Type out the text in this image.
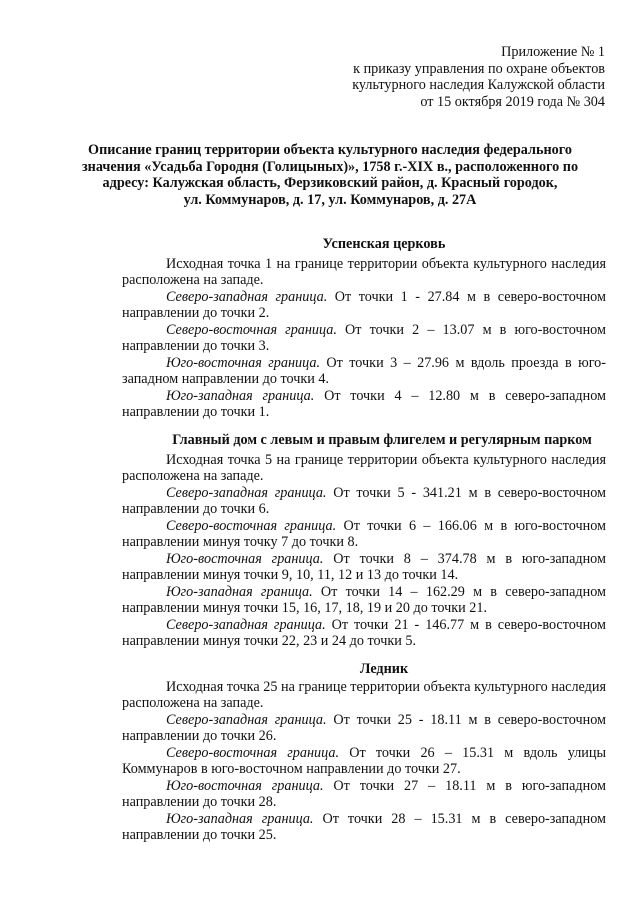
Приложение № 1
к приказу управления по охране объектов
культурного наследия Калужской области
от 15 октября 2019 года № 304
Описание границ территории объекта культурного наследия федерального
значения «Усадьба Городня (Голицыных)», 1758 г.-XIX в., расположенного по
адресу: Калужская область, Ферзиковский район, д. Красный городок,
ул. Коммунаров, д. 17, ул. Коммунаров, д. 27А
Успенская церковь

Исходная точка 1 на границе территории объекта культурного наследия расположена на западе.

Северо-западная граница. От точки 1 - 27.84 м в северо-восточном направлении до точки 2.

Северо-восточная граница. От точки 2 – 13.07 м в юго-восточном направлении до точки 3.

Юго-восточная граница. От точки 3 – 27.96 м вдоль проезда в юго-западном направлении до точки 4.

Юго-западная граница. От точки 4 – 12.80 м в северо-западном направлении до точки 1.

Главный дом с левым и правым флигелем и регулярным парком

Исходная точка 5 на границе территории объекта культурного наследия расположена на западе.

Северо-западная граница. От точки 5 - 341.21 м в северо-восточном направлении до точки 6.

Северо-восточная граница. От точки 6 – 166.06 м в юго-восточном направлении минуя точку 7 до точки 8.

Юго-восточная граница. От точки 8 – 374.78 м в юго-западном направлении минуя точки 9, 10, 11, 12 и 13 до точки 14.

Юго-западная граница. От точки 14 – 162.29 м в северо-западном направлении минуя точки 15, 16, 17, 18, 19 и 20 до точки 21.

Северо-западная граница. От точки 21 - 146.77 м в северо-восточном направлении минуя точки 22, 23 и 24 до точки 5.

Ледник

Исходная точка 25 на границе территории объекта культурного наследия расположена на западе.

Северо-западная граница. От точки 25 - 18.11 м в северо-восточном направлении до точки 26.

Северо-восточная граница. От точки 26 – 15.31 м вдоль улицы Коммунаров в юго-восточном направлении до точки 27.

Юго-восточная граница. От точки 27 – 18.11 м в юго-западном направлении до точки 28.

Юго-западная граница. От точки 28 – 15.31 м в северо-западном направлении до точки 25.
